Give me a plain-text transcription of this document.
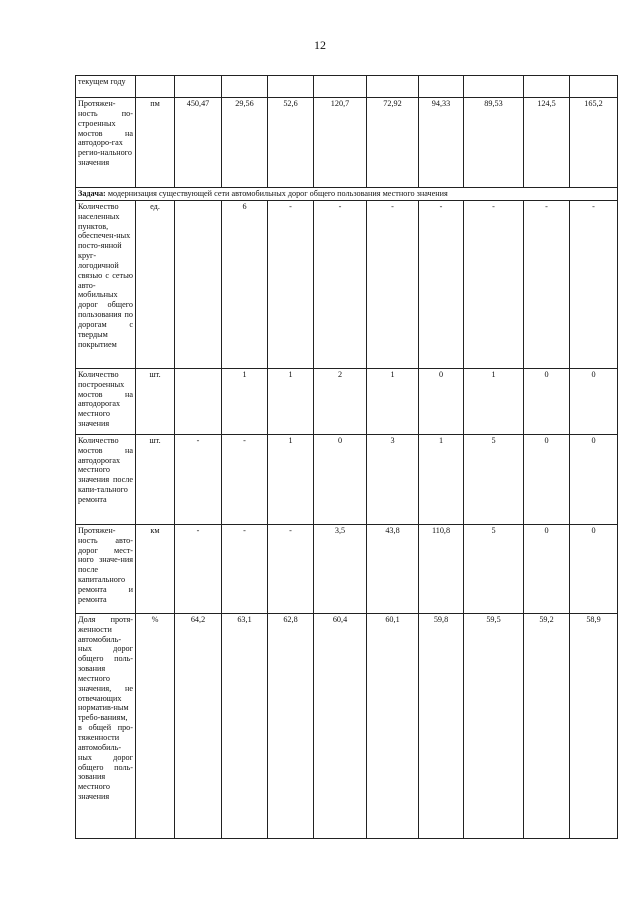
12
текущем году										
Протяжен-ность по-строенных мостов на автодоро-гах регио-нального значения	пм	450,47	29,56	52,6	120,7	72,92	94,33	89,53	124,5	165,2
Задача: модернизация существующей сети автомобильных дорог общего пользования местного значения										
Количество населенных пунктов, обеспечен-ных посто-янной круг-логодичной связью с сетью авто-мобильных дорог общего пользования по дорогам с твердым покрытием	ед.		6	-	-	-	-	-	-	-
Количество построенных мостов на автодорогах местного значения	шт.		1	1	2	1	0	1	0	0
Количество мостов на автодорогах местного значения после капи-тального ремонта	шт.	-	-	1	0	3	1	5	0	0
Протяжен-ность авто-дорог мест-ного значе-ния после капитального ремонта и ремонта	км	-	-	-	3,5	43,8	110,8	5	0	0
Доля протя-женности автомобиль-ных дорог общего поль-зования местного значения, не отвечающих норматив-ным требо-ваниям, в общей про-тяженности автомобиль-ных дорог общего поль-зования местного значения	%	64,2	63,1	62,8	60,4	60,1	59,8	59,5	59,2	58,9
